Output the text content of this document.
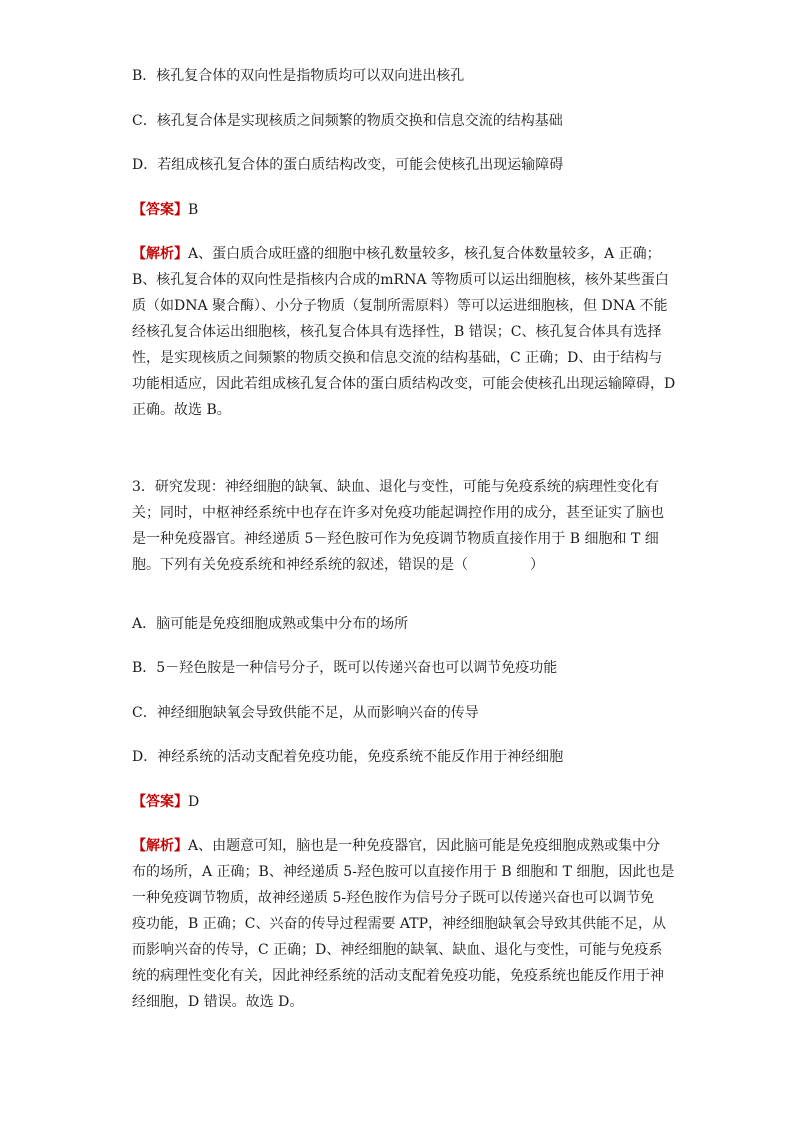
B．核孔复合体的双向性是指物质均可以双向进出核孔
C．核孔复合体是实现核质之间频繁的物质交换和信息交流的结构基础
D．若组成核孔复合体的蛋白质结构改变，可能会使核孔出现运输障碍
【答案】B
【解析】A、蛋白质合成旺盛的细胞中核孔数量较多，核孔复合体数量较多，A 正确；
B、核孔复合体的双向性是指核内合成的mRNA 等物质可以运出细胞核，核外某些蛋白
质（如DNA 聚合酶）、小分子物质（复制所需原料）等可以运进细胞核，但 DNA 不能
经核孔复合体运出细胞核，核孔复合体具有选择性，B 错误；C、核孔复合体具有选择
性，是实现核质之间频繁的物质交换和信息交流的结构基础，C 正确；D、由于结构与
功能相适应，因此若组成核孔复合体的蛋白质结构改变，可能会使核孔出现运输障碍，D
正确。故选 B。
3．研究发现：神经细胞的缺氧、缺血、退化与变性，可能与免疫系统的病理性变化有
关；同时，中枢神经系统中也存在许多对免疫功能起调控作用的成分，甚至证实了脑也
是一种免疫器官。神经递质 5－羟色胺可作为免疫调节物质直接作用于 B 细胞和 T 细
胞。下列有关免疫系统和神经系统的叙述，错误的是（	）
A．脑可能是免疫细胞成熟或集中分布的场所
B．5－羟色胺是一种信号分子，既可以传递兴奋也可以调节免疫功能
C．神经细胞缺氧会导致供能不足，从而影响兴奋的传导
D．神经系统的活动支配着免疫功能，免疫系统不能反作用于神经细胞
【答案】D
【解析】A、由题意可知，脑也是一种免疫器官，因此脑可能是免疫细胞成熟或集中分
布的场所，A 正确；B、神经递质 5-羟色胺可以直接作用于 B 细胞和 T 细胞，因此也是
一种免疫调节物质，故神经递质 5-羟色胺作为信号分子既可以传递兴奋也可以调节免
疫功能，B 正确；C、兴奋的传导过程需要 ATP，神经细胞缺氧会导致其供能不足，从
而影响兴奋的传导，C 正确；D、神经细胞的缺氧、缺血、退化与变性，可能与免疫系
统的病理性变化有关，因此神经系统的活动支配着免疫功能，免疫系统也能反作用于神
经细胞，D 错误。故选 D。
